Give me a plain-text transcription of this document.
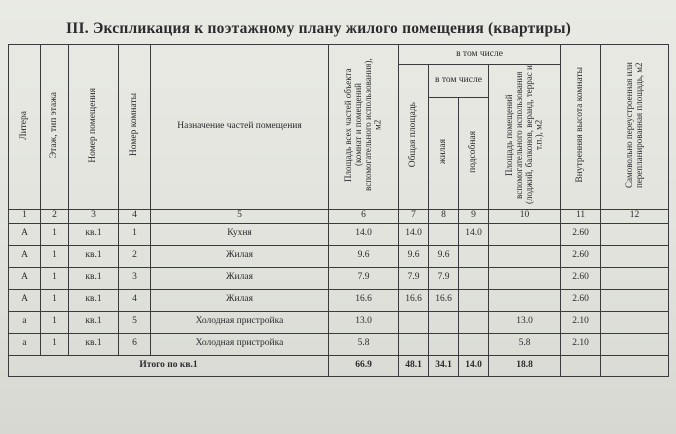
III. Экспликация к поэтажному плану жилого помещения (квартиры)
Литера	Этаж, тип этажа	Номер помещения	Номер комнаты	Назначение частей помещения	Площадь всех частей объекта (комнат и помещений вспомогательного использования), м2	в том числе				Внутренняя высота комнаты	Самовольно переустроенная или перепланированная площадь, м2
						Общая площадь	в том числе		Площадь помещений вспомогательного использования (лоджий, балконов, веранд, террас и т.п.), м2		
							жилая	подсобная			
1	2	3	4	5	6	7	8	9	10	11	12
А	1	кв.1	1	Кухня	14.0	14.0		14.0		2.60	
А	1	кв.1	2	Жилая	9.6	9.6	9.6			2.60	
А	1	кв.1	3	Жилая	7.9	7.9	7.9			2.60	
А	1	кв.1	4	Жилая	16.6	16.6	16.6			2.60	
а	1	кв.1	5	Холодная пристройка	13.0				13.0	2.10	
а	1	кв.1	6	Холодная пристройка	5.8				5.8	2.10	
Итого по кв.1					66.9	48.1	34.1	14.0	18.8		
